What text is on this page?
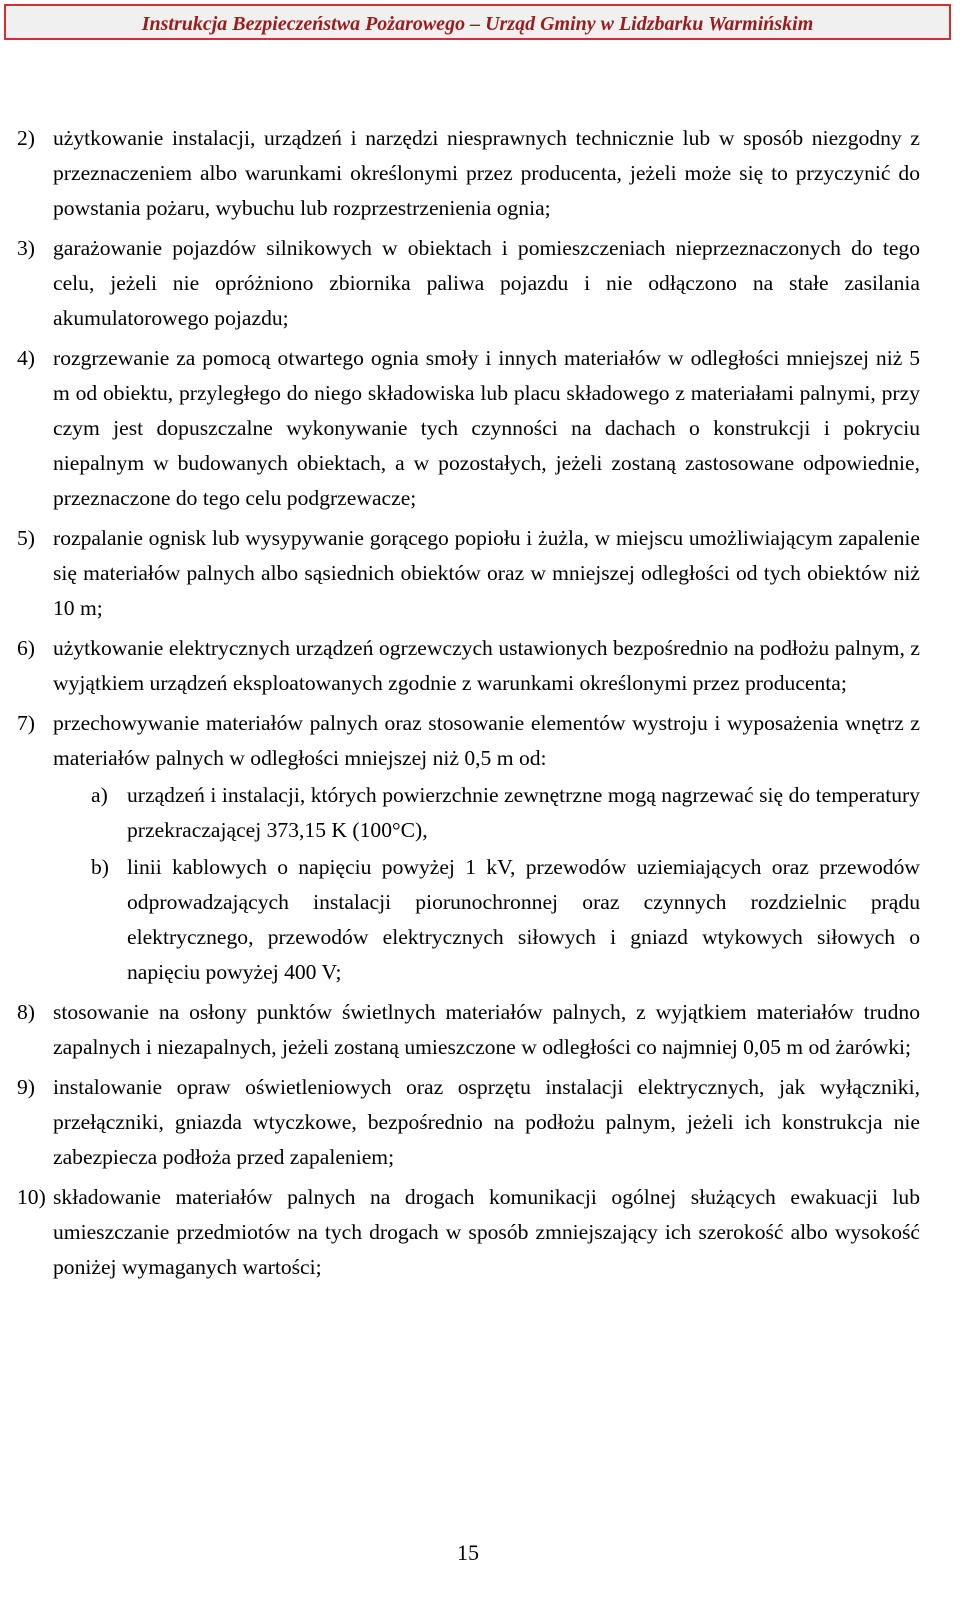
Instrukcja Bezpieczeństwa Pożarowego – Urząd Gminy w Lidzbarku Warmińskim
2) użytkowanie instalacji, urządzeń i narzędzi niesprawnych technicznie lub w sposób niezgodny z przeznaczeniem albo warunkami określonymi przez producenta, jeżeli może się to przyczynić do powstania pożaru, wybuchu lub rozprzestrzenienia ognia;
3) garażowanie pojazdów silnikowych w obiektach i pomieszczeniach nieprzeznaczonych do tego celu, jeżeli nie opróżniono zbiornika paliwa pojazdu i nie odłączono na stałe zasilania akumulatorowego pojazdu;
4) rozgrzewanie za pomocą otwartego ognia smoły i innych materiałów w odległości mniejszej niż 5 m od obiektu, przyległego do niego składowiska lub placu składowego z materiałami palnymi, przy czym jest dopuszczalne wykonywanie tych czynności na dachach o konstrukcji i pokryciu niepalnym w budowanych obiektach, a w pozostałych, jeżeli zostaną zastosowane odpowiednie, przeznaczone do tego celu podgrzewacze;
5) rozpalanie ognisk lub wysypywanie gorącego popiołu i żużla, w miejscu umożliwiającym zapalenie się materiałów palnych albo sąsiednich obiektów oraz w mniejszej odległości od tych obiektów niż 10 m;
6) użytkowanie elektrycznych urządzeń ogrzewczych ustawionych bezpośrednio na podłożu palnym, z wyjątkiem urządzeń eksploatowanych zgodnie z warunkami określonymi przez producenta;
7) przechowywanie materiałów palnych oraz stosowanie elementów wystroju i wyposażenia wnętrz z materiałów palnych w odległości mniejszej niż 0,5 m od:
a) urządzeń i instalacji, których powierzchnie zewnętrzne mogą nagrzewać się do temperatury przekraczającej 373,15 K (100°C),
b) linii kablowych o napięciu powyżej 1 kV, przewodów uziemiających oraz przewodów odprowadzających instalacji piorunochronnej oraz czynnych rozdzielnic prądu elektrycznego, przewodów elektrycznych siłowych i gniazd wtykowych siłowych o napięciu powyżej 400 V;
8) stosowanie na osłony punktów świetlnych materiałów palnych, z wyjątkiem materiałów trudno zapalnych i niezapalnych, jeżeli zostaną umieszczone w odległości co najmniej 0,05 m od żarówki;
9) instalowanie opraw oświetleniowych oraz osprzętu instalacji elektrycznych, jak wyłączniki, przełączniki, gniazda wtyczkowe, bezpośrednio na podłożu palnym, jeżeli ich konstrukcja nie zabezpiecza podłoża przed zapaleniem;
10) składowanie materiałów palnych na drogach komunikacji ogólnej służących ewakuacji lub umieszczanie przedmiotów na tych drogach w sposób zmniejszający ich szerokość albo wysokość poniżej wymaganych wartości;
15
